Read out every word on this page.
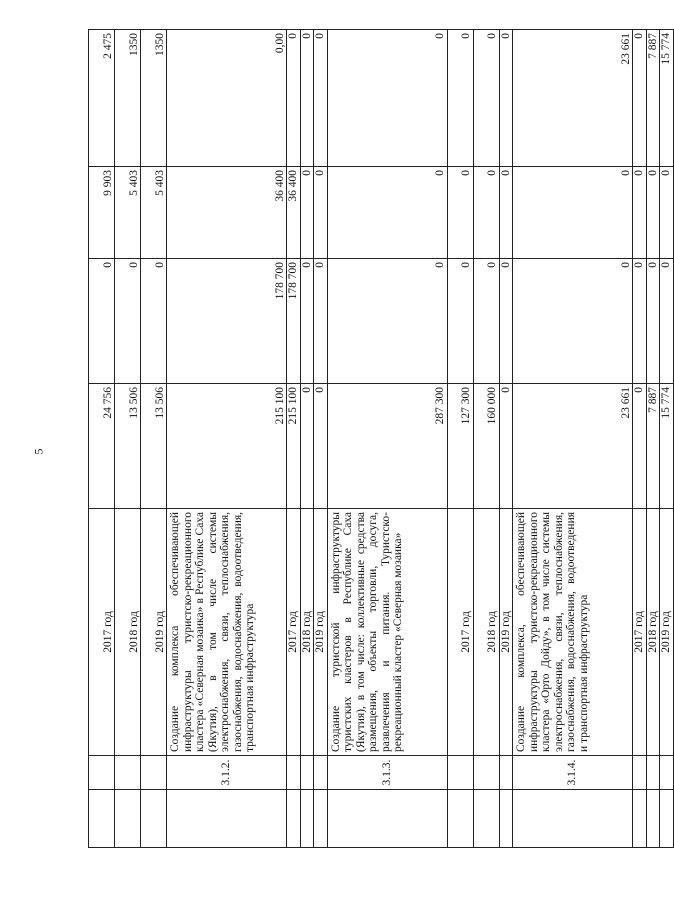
5
		2017 год	24 756	0	9 903	2 475	
		2018 год	13 506	0	5 403	1350	
		2019 год	13 506	0	5 403	1350	
	3.1.2.	Создание комплекса обеспечивающей инфраструктуры туристско-рекреационного кластера «Северная мозаика» в Республике Саха (Якутия), в том числе системы электроснабжения, связи, теплоснабжения, газоснабжения, водоснабжения, водоотведения, транспортная инфраструктура	215 100	178 700	36 400	0,00	
		2017 год	215 100	178 700	36 400	0	
		2018 год	0	0	0	0	
		2019 год	0	0	0	0	
	3.1.3.	Создание туристской инфраструктуры туристских кластеров в Республике Саха (Якутия), в том числе: коллективные средства размещения, объекты торговли, досуга, развлечения и питания. Туристско-рекреационный кластер «Северная мозаика»	287 300	0	0	0	
		2017 год	127 300	0	0	0	
		2018 год	160 000	0	0	0	
		2019 год	0	0	0	0	
	3.1.4.	Создание комплекса, обеспечивающей инфраструктуры туристско-рекреационного кластера «Орто Дойду», в том числе системы электроснабжения, связи, теплоснабжения, газоснабжения, водоснабжения, водоотведения и транспортная инфраструктура	23 661	0	0	23 661	
		2017 год	0	0	0	0	
		2018 год	7 887	0	0	7 887	
		2019 год	15 774	0	0	15 774	
